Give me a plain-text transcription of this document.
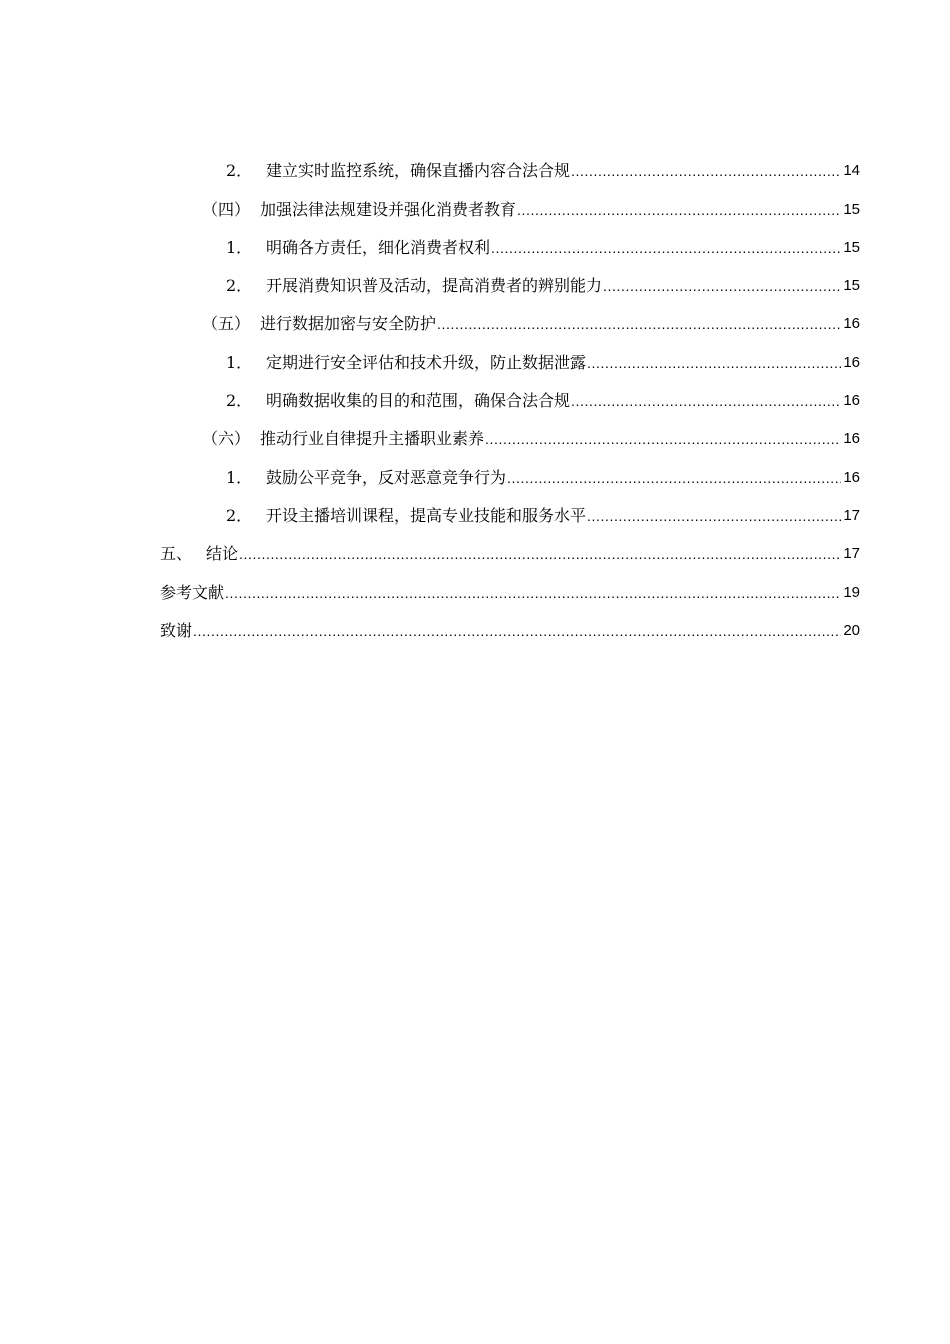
2． 建立实时监控系统，确保直播内容合法合规 .....	14
（四） 加强法律法规建设并强化消费者教育 .....	15
1． 明确各方责任，细化消费者权利 .....	15
2． 开展消费知识普及活动，提高消费者的辨别能力 .....	15
（五） 进行数据加密与安全防护 .....	16
1． 定期进行安全评估和技术升级，防止数据泄露 .....	16
2． 明确数据收集的目的和范围，确保合法合规 .....	16
（六） 推动行业自律提升主播职业素养 .....	16
1． 鼓励公平竞争，反对恶意竞争行为 .....	16
2． 开设主播培训课程，提高专业技能和服务水平 .....	17
五、 结论 .....	17
参考文献 .....	19
致谢 .....	20
